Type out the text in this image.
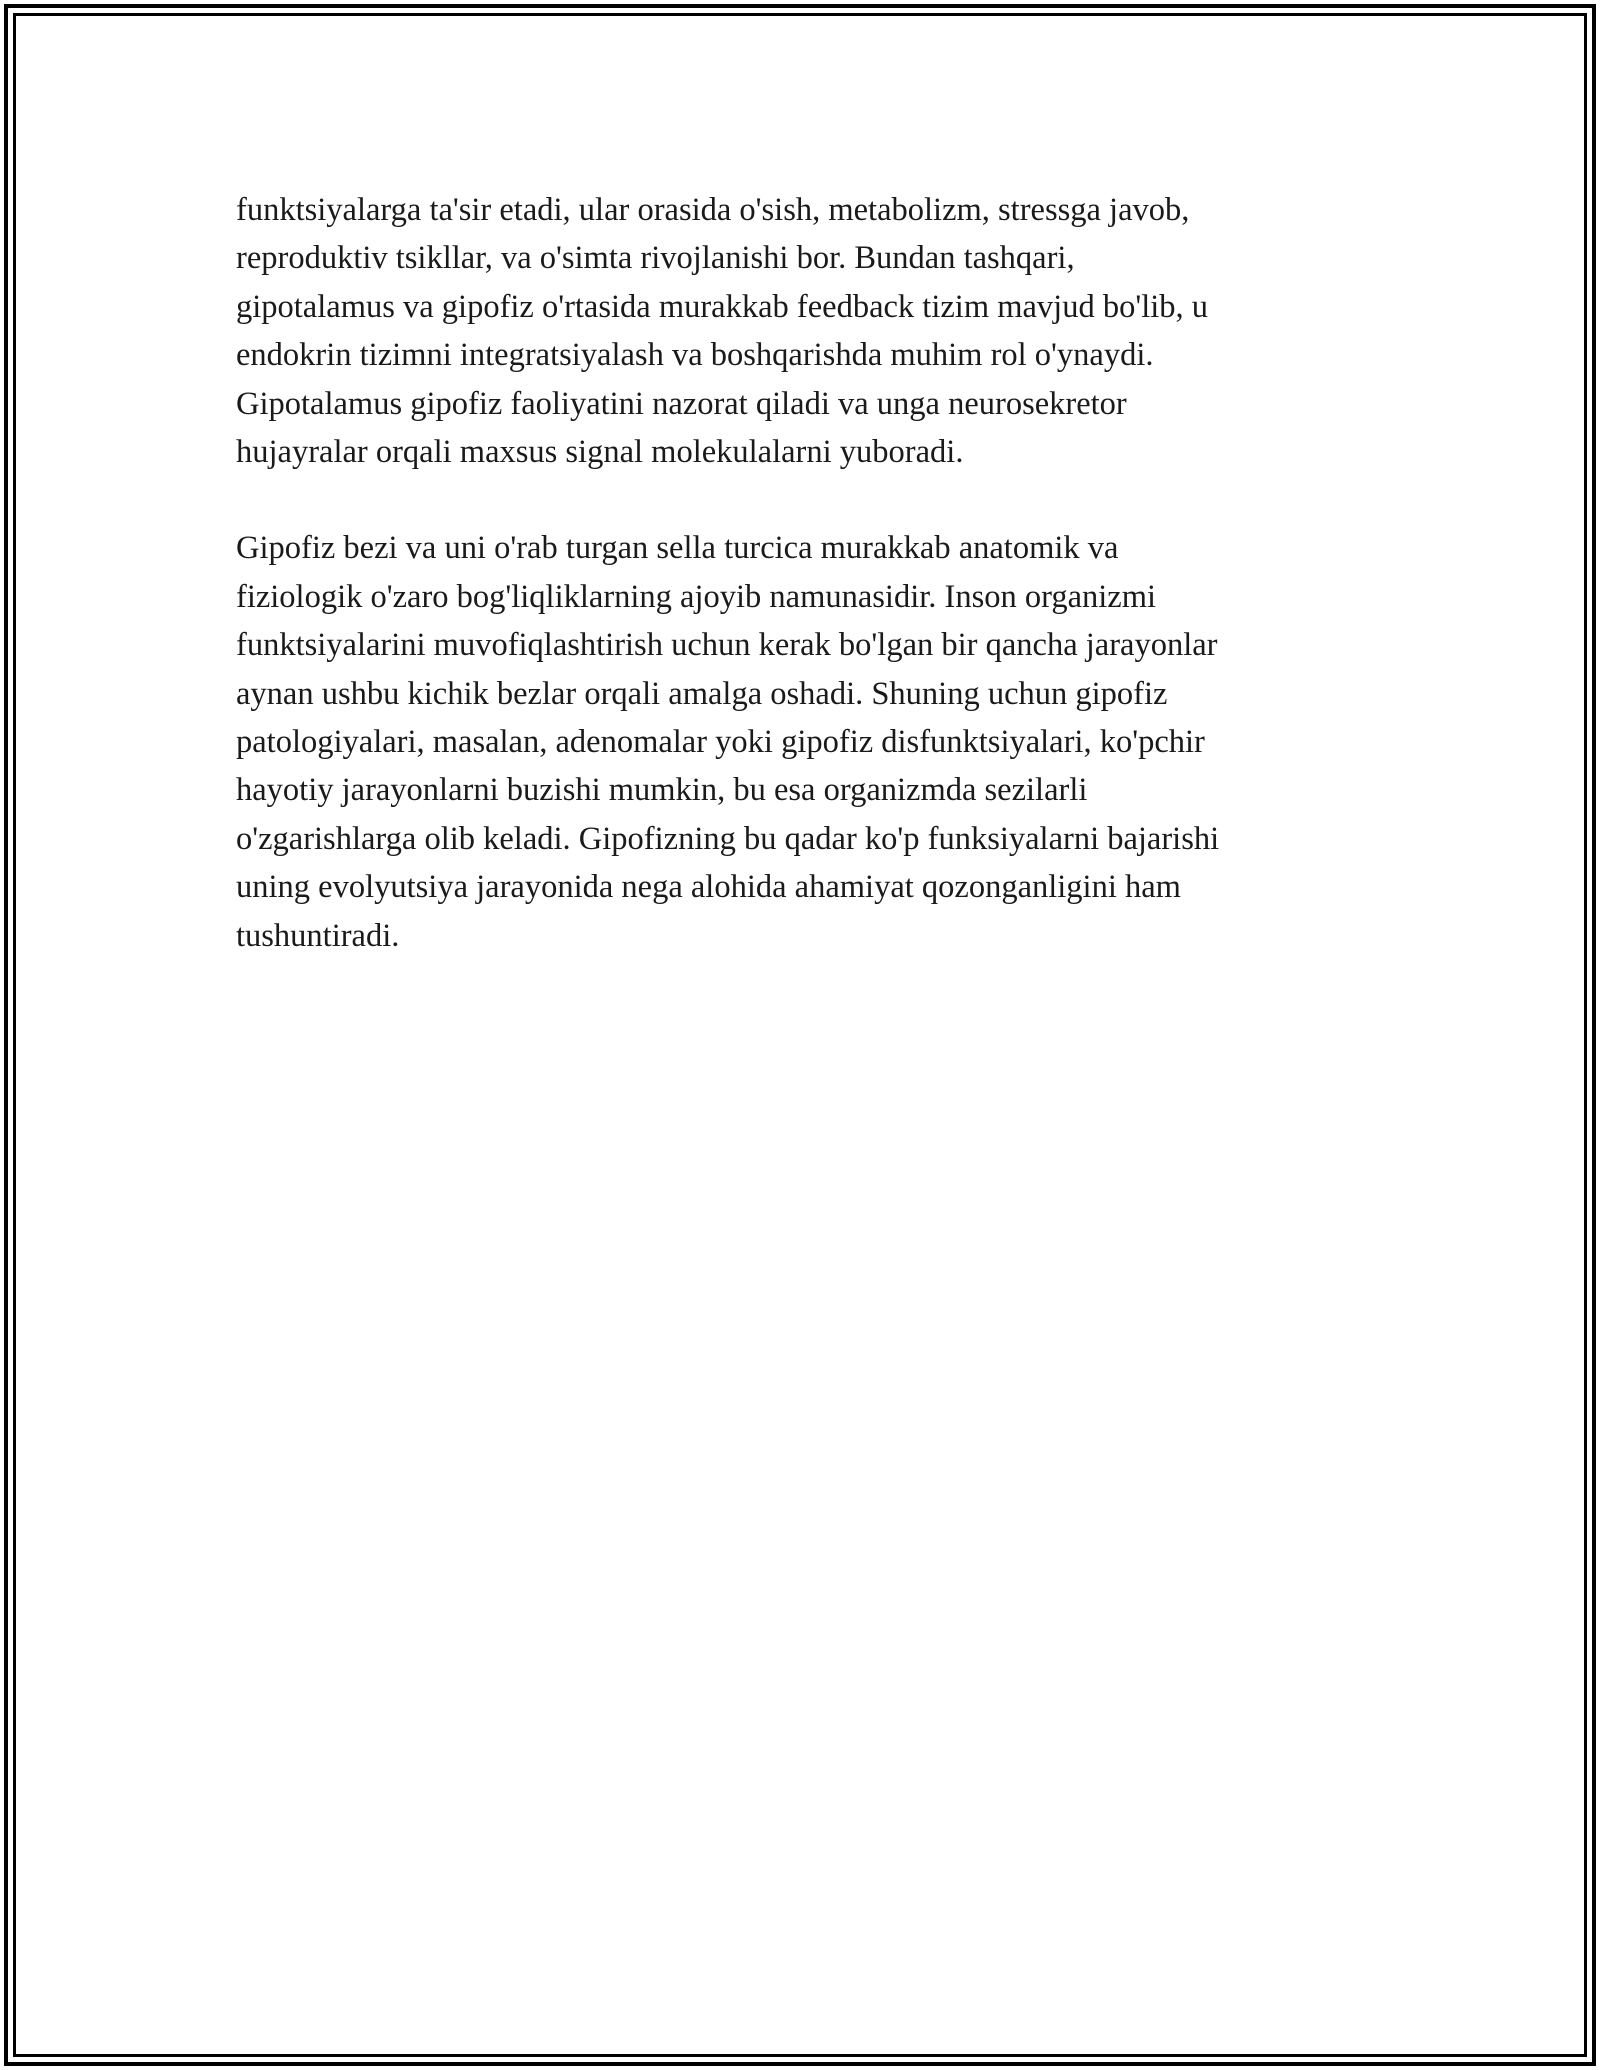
funktsiyalarga ta'sir etadi, ular orasida o'sish, metabolizm, stressga javob,
reproduktiv tsikllar, va o'simta rivojlanishi bor. Bundan tashqari,
gipotalamus va gipofiz o'rtasida murakkab feedback tizim mavjud bo'lib, u
endokrin tizimni integratsiyalash va boshqarishda muhim rol o'ynaydi.
Gipotalamus gipofiz faoliyatini nazorat qiladi va unga neurosekretor
hujayralar orqali maxsus signal molekulalarni yuboradi.

Gipofiz bezi va uni o'rab turgan sella turcica murakkab anatomik va
fiziologik o'zaro bog'liqliklarning ajoyib namunasidir. Inson organizmi
funktsiyalarini muvofiqlashtirish uchun kerak bo'lgan bir qancha jarayonlar
aynan ushbu kichik bezlar orqali amalga oshadi. Shuning uchun gipofiz
patologiyalari, masalan, adenomalar yoki gipofiz disfunktsiyalari, ko'pchir
hayotiy jarayonlarni buzishi mumkin, bu esa organizmda sezilarli
o'zgarishlarga olib keladi. Gipofizning bu qadar ko'p funksiyalarni bajarishi
uning evolyutsiya jarayonida nega alohida ahamiyat qozonganligini ham
tushuntiradi.
